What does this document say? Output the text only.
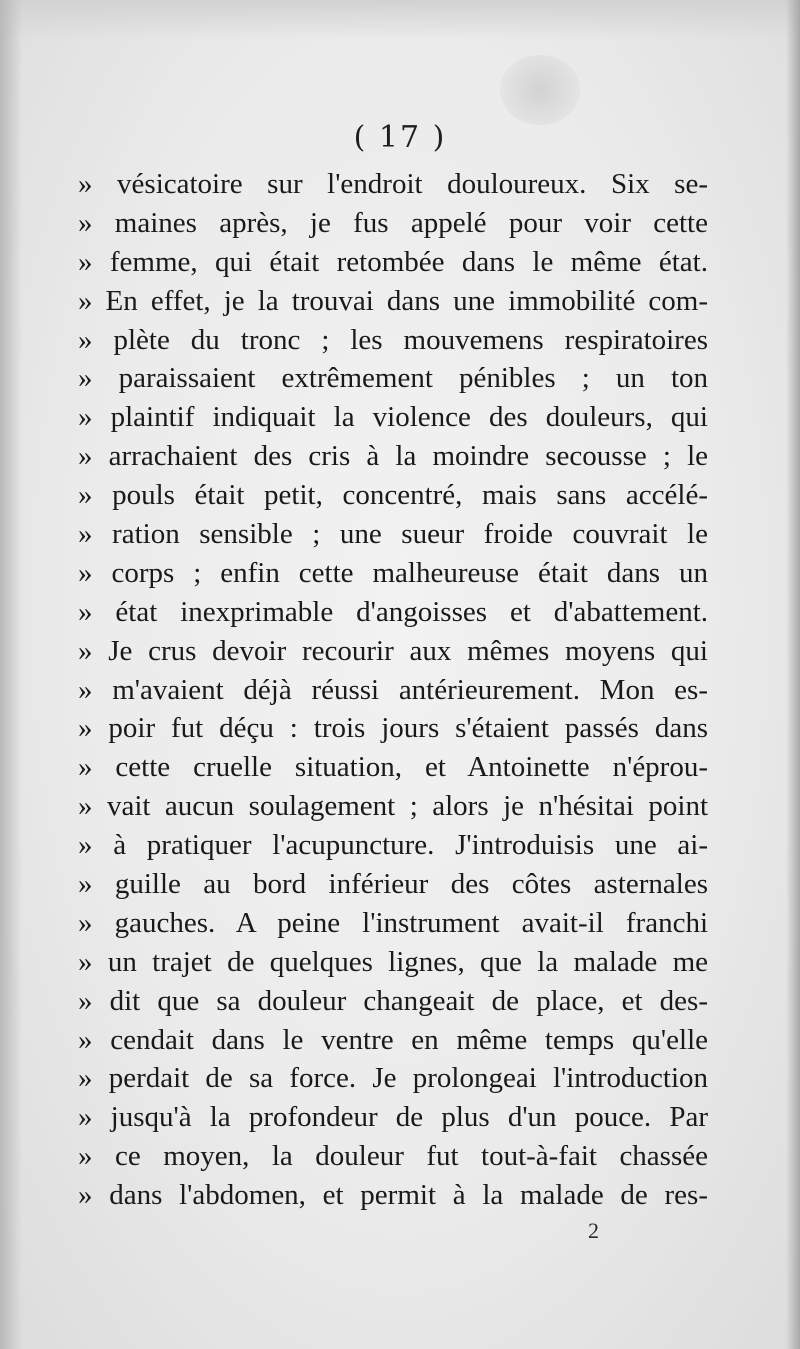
( 17 )
» vésicatoire sur l'endroit douloureux. Six se-
» maines après, je fus appelé pour voir cette
» femme, qui était retombée dans le même état.
» En effet, je la trouvai dans une immobilité com-
» plète du tronc ; les mouvemens respiratoires
» paraissaient extrêmement pénibles ; un ton
» plaintif indiquait la violence des douleurs, qui
» arrachaient des cris à la moindre secousse ; le
» pouls était petit, concentré, mais sans accélé-
» ration sensible ; une sueur froide couvrait le
» corps ; enfin cette malheureuse était dans un
» état inexprimable d'angoisses et d'abattement.
» Je crus devoir recourir aux mêmes moyens qui
» m'avaient déjà réussi antérieurement. Mon es-
» poir fut déçu : trois jours s'étaient passés dans
» cette cruelle situation, et Antoinette n'éprou-
» vait aucun soulagement ; alors je n'hésitai point
» à pratiquer l'acupuncture. J'introduisis une ai-
» guille au bord inférieur des côtes asternales
» gauches. A peine l'instrument avait-il franchi
» un trajet de quelques lignes, que la malade me
» dit que sa douleur changeait de place, et des-
» cendait dans le ventre en même temps qu'elle
» perdait de sa force. Je prolongeai l'introduction
» jusqu'à la profondeur de plus d'un pouce. Par
» ce moyen, la douleur fut tout-à-fait chassée
» dans l'abdomen, et permit à la malade de res-
2
